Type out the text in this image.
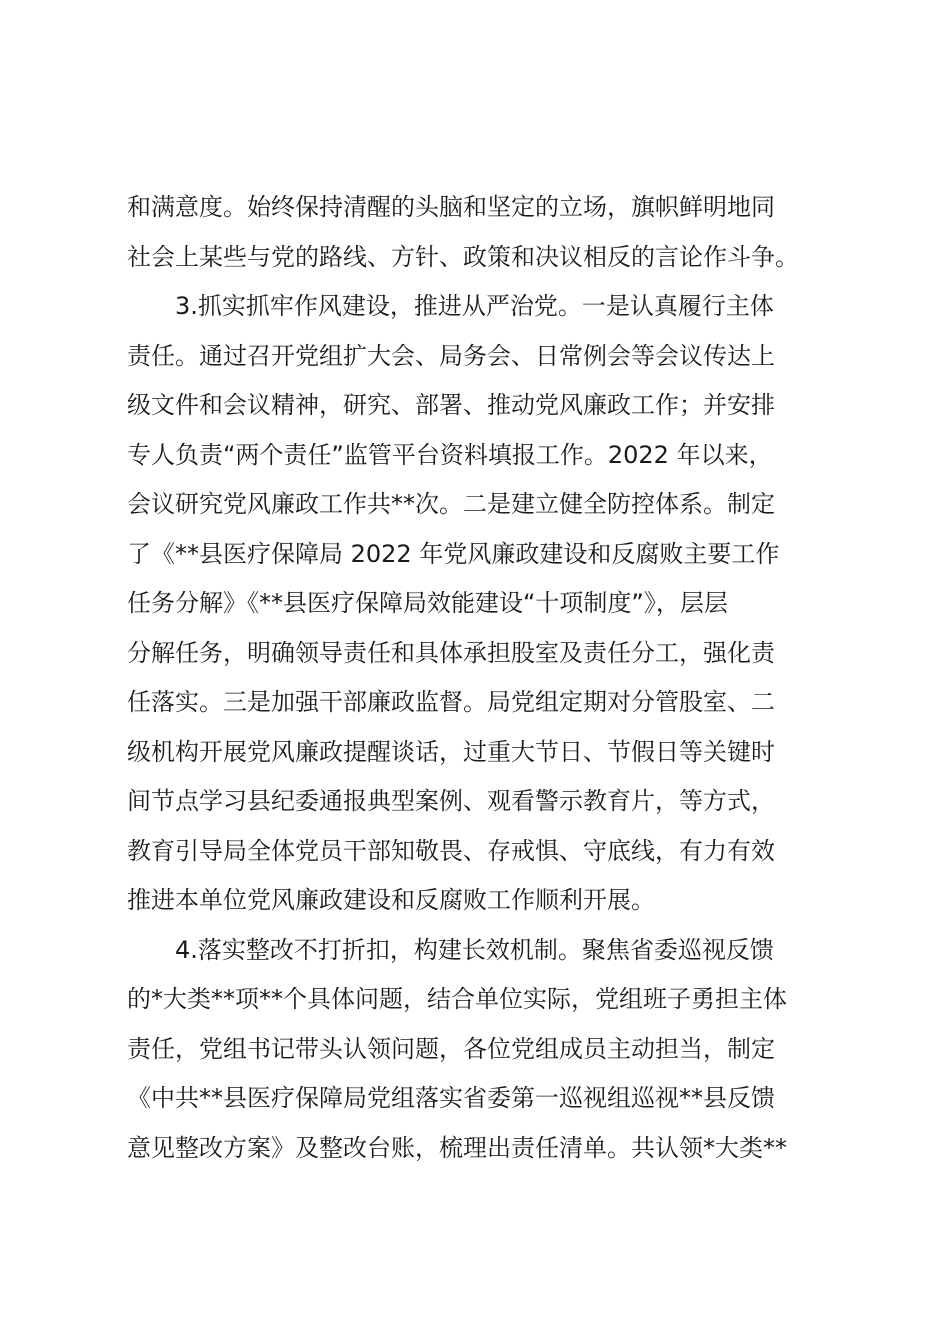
和满意度。始终保持清醒的头脑和坚定的立场，旗帜鲜明地同
社会上某些与党的路线、方针、政策和决议相反的言论作斗争。
　　3.抓实抓牢作风建设，推进从严治党。一是认真履行主体
责任。通过召开党组扩大会、局务会、日常例会等会议传达上
级文件和会议精神，研究、部署、推动党风廉政工作；并安排
专人负责“两个责任”监管平台资料填报工作。2022 年以来，
会议研究党风廉政工作共**次。二是建立健全防控体系。制定
了《**县医疗保障局 2022 年党风廉政建设和反腐败主要工作
任务分解》《**县医疗保障局效能建设“十项制度”》，层层
分解任务，明确领导责任和具体承担股室及责任分工，强化责
任落实。三是加强干部廉政监督。局党组定期对分管股室、二
级机构开展党风廉政提醒谈话，过重大节日、节假日等关键时
间节点学习县纪委通报典型案例、观看警示教育片，等方式，
教育引导局全体党员干部知敬畏、存戒惧、守底线，有力有效
推进本单位党风廉政建设和反腐败工作顺利开展。
　　4.落实整改不打折扣，构建长效机制。聚焦省委巡视反馈
的*大类**项**个具体问题，结合单位实际，党组班子勇担主体
责任，党组书记带头认领问题，各位党组成员主动担当，制定
《中共**县医疗保障局党组落实省委第一巡视组巡视**县反馈
意见整改方案》及整改台账，梳理出责任清单。共认领*大类**
